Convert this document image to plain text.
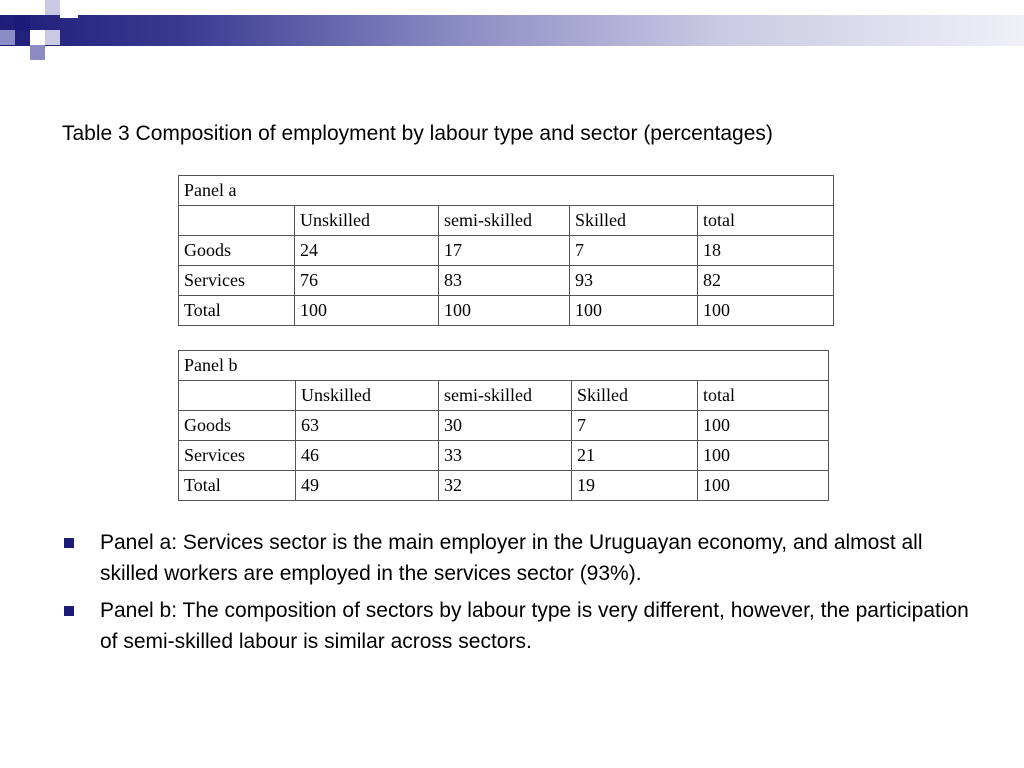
Table 3 Composition of employment by labour type and sector (percentages)
Panel a				
	Unskilled	semi-skilled	Skilled	total
Goods	24	17	7	18
Services	76	83	93	82
Total	100	100	100	100
Panel b				
	Unskilled	semi-skilled	Skilled	total
Goods	63	30	7	100
Services	46	33	21	100
Total	49	32	19	100
Panel a: Services sector is the main employer in the Uruguayan economy, and almost all skilled workers are employed in the services sector (93%).
Panel b: The composition of sectors by labour type is very different, however, the participation of semi-skilled labour is similar across sectors.
